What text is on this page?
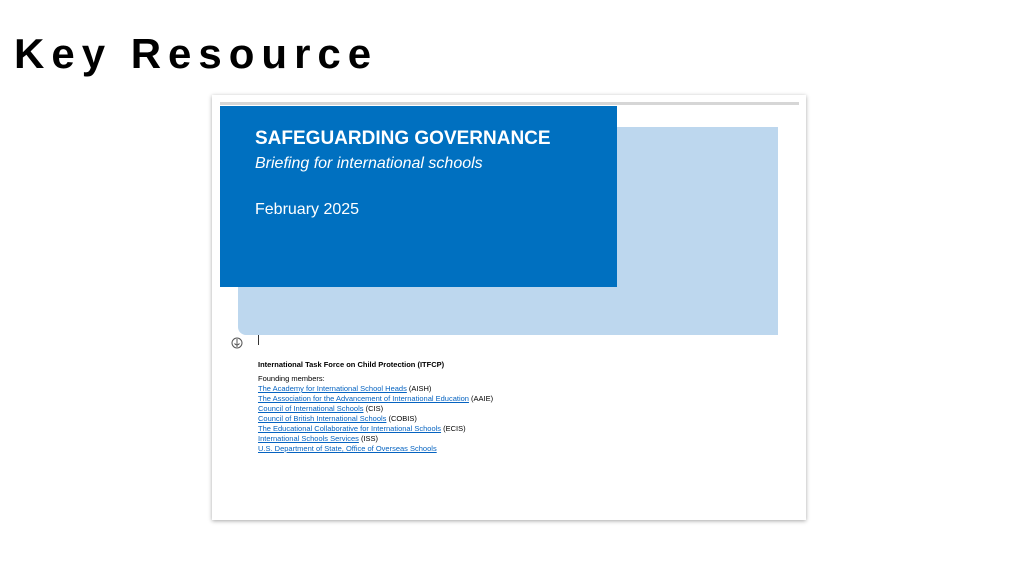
Key Resource
SAFEGUARDING GOVERNANCE
Briefing for international schools
February 2025
International Task Force on Child Protection (ITFCP)
Founding members:
The Academy for International School Heads (AISH)
The Association for the Advancement of International Education (AAIE)
Council of International Schools (CIS)
Council of British International Schools (COBIS)
The Educational Collaborative for International Schools (ECIS)
International Schools Services (ISS)
U.S. Department of State, Office of Overseas Schools
